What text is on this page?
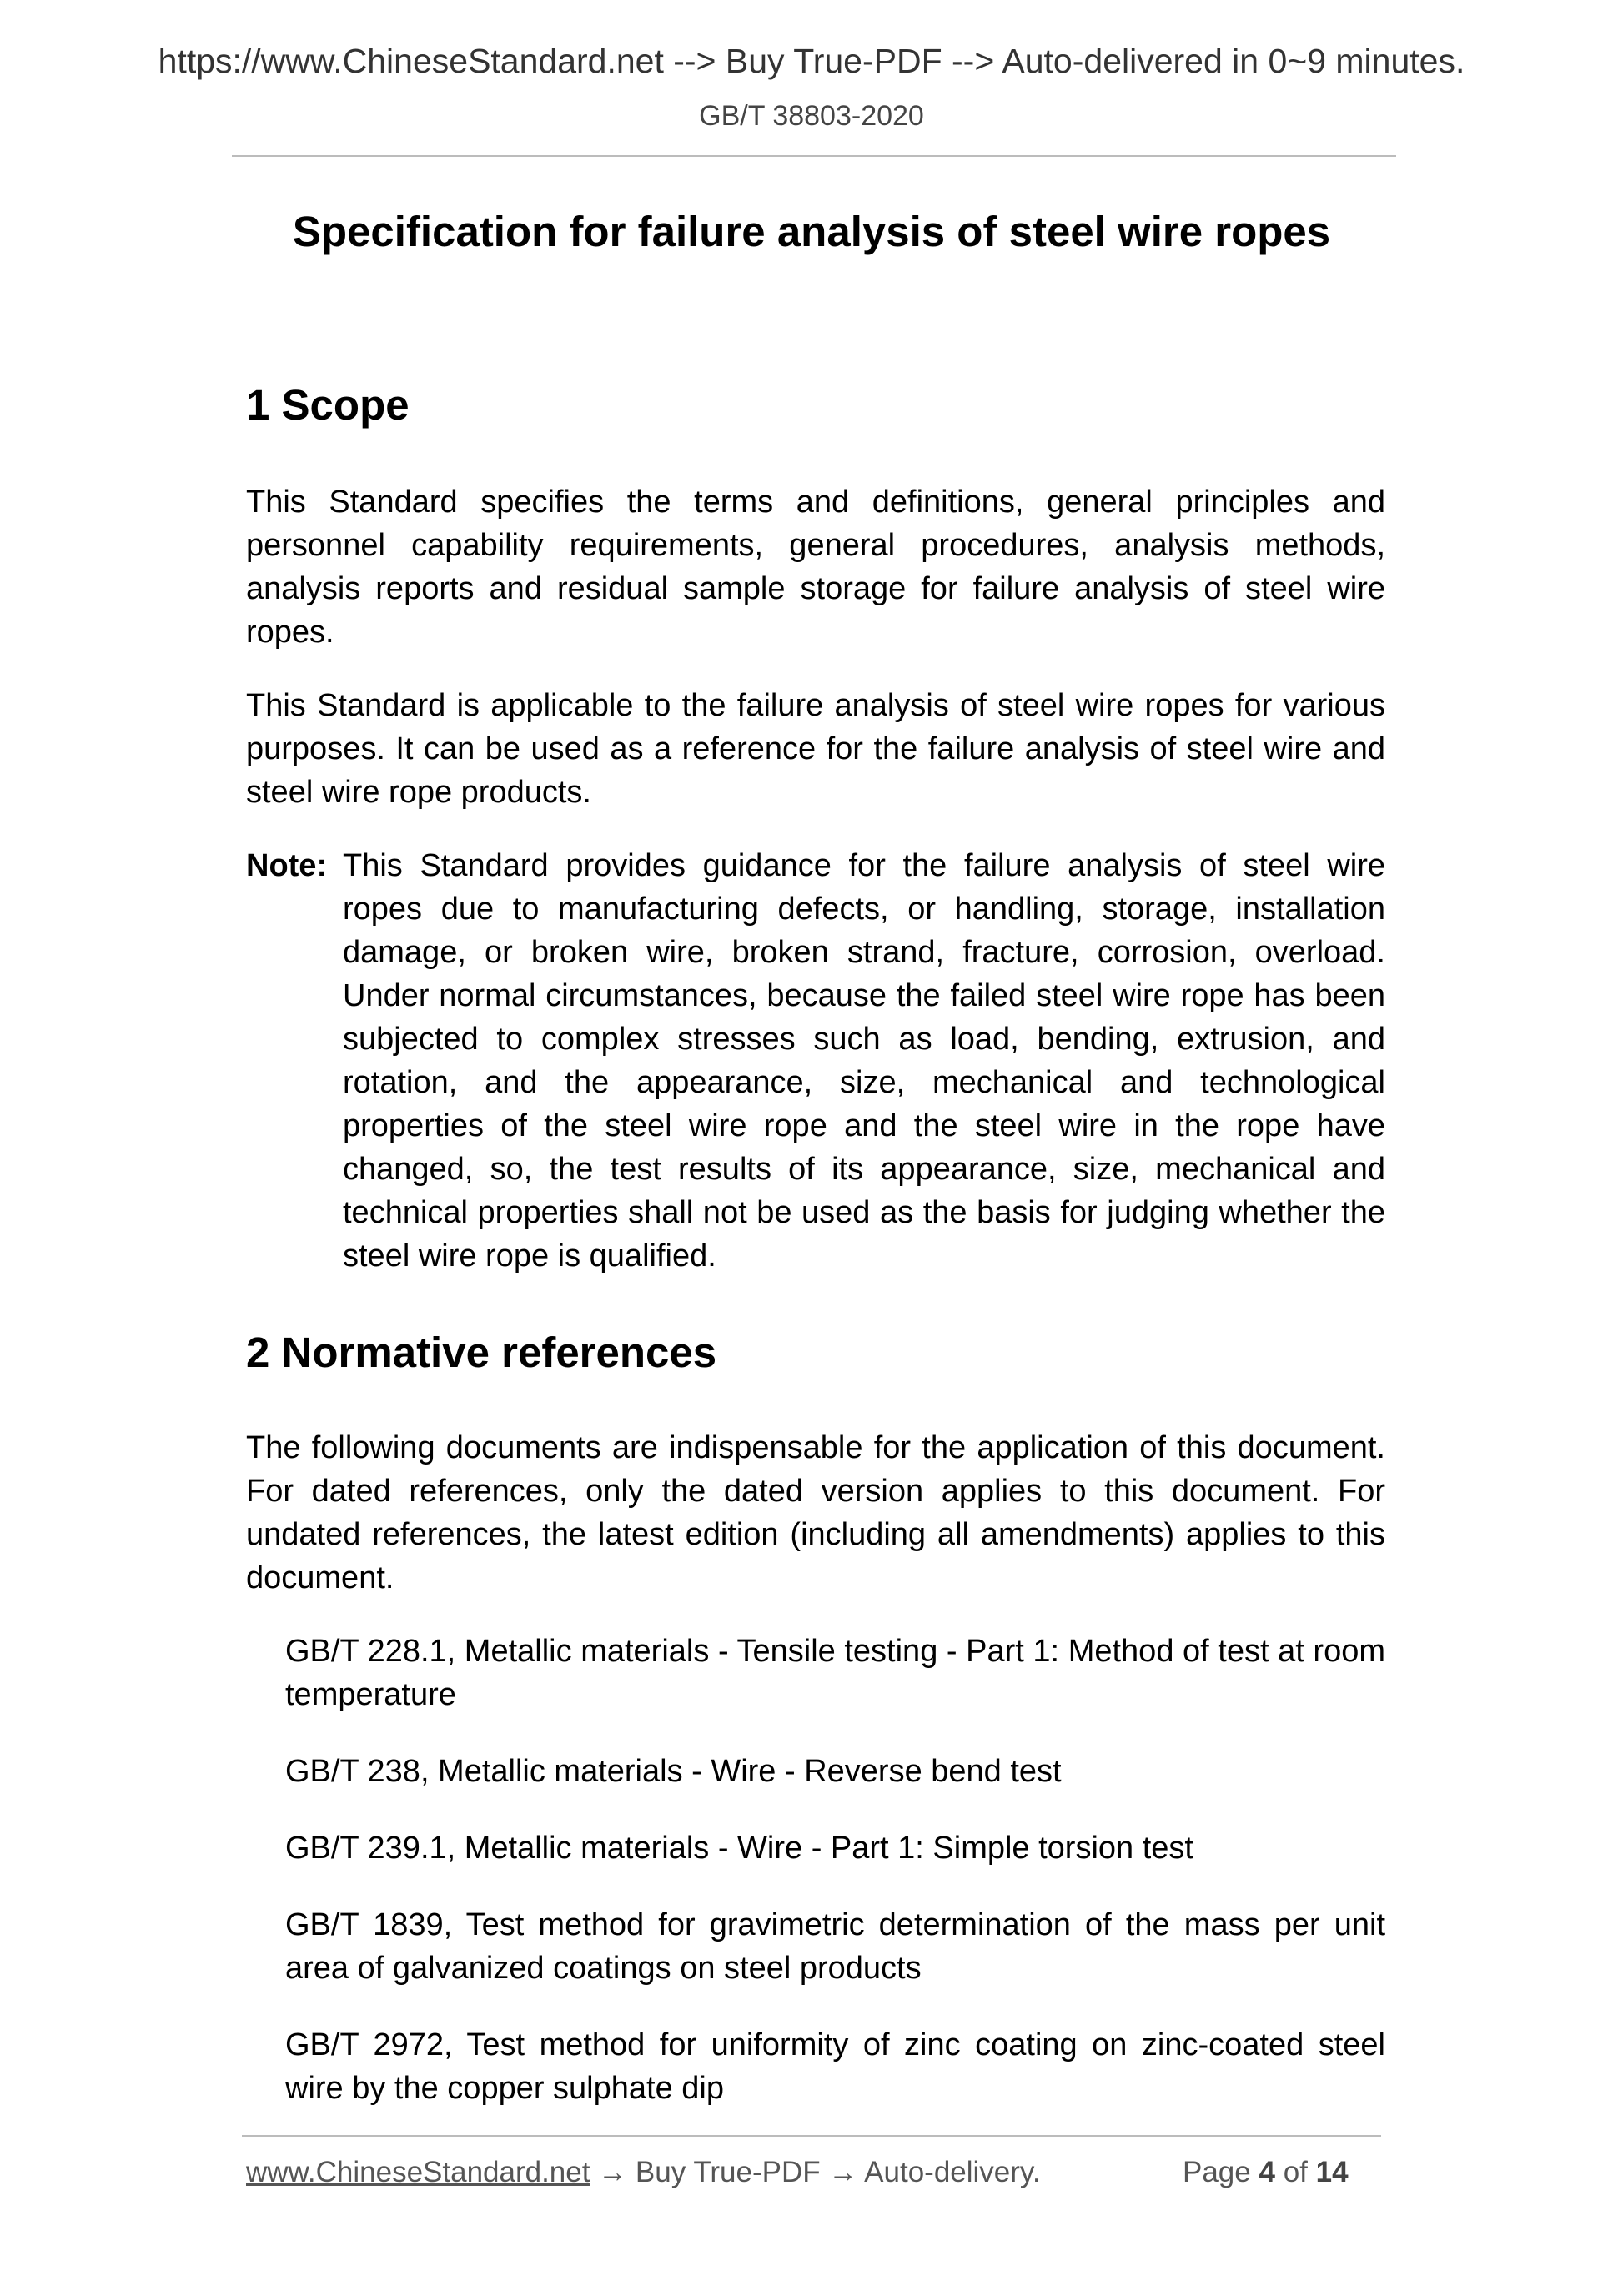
https://www.ChineseStandard.net --> Buy True-PDF --> Auto-delivered in 0~9 minutes.
GB/T 38803-2020
Specification for failure analysis of steel wire ropes
1 Scope
This Standard specifies the terms and definitions, general principles and personnel capability requirements, general procedures, analysis methods, analysis reports and residual sample storage for failure analysis of steel wire ropes.
This Standard is applicable to the failure analysis of steel wire ropes for various purposes. It can be used as a reference for the failure analysis of steel wire and steel wire rope products.
Note: This Standard provides guidance for the failure analysis of steel wire ropes due to manufacturing defects, or handling, storage, installation damage, or broken wire, broken strand, fracture, corrosion, overload. Under normal circumstances, because the failed steel wire rope has been subjected to complex stresses such as load, bending, extrusion, and rotation, and the appearance, size, mechanical and technological properties of the steel wire rope and the steel wire in the rope have changed, so, the test results of its appearance, size, mechanical and technical properties shall not be used as the basis for judging whether the steel wire rope is qualified.
2 Normative references
The following documents are indispensable for the application of this document. For dated references, only the dated version applies to this document. For undated references, the latest edition (including all amendments) applies to this document.
GB/T 228.1, Metallic materials - Tensile testing - Part 1: Method of test at room temperature
GB/T 238, Metallic materials - Wire - Reverse bend test
GB/T 239.1, Metallic materials - Wire - Part 1: Simple torsion test
GB/T 1839, Test method for gravimetric determination of the mass per unit area of galvanized coatings on steel products
GB/T 2972, Test method for uniformity of zinc coating on zinc-coated steel wire by the copper sulphate dip
www.ChineseStandard.net → Buy True-PDF → Auto-delivery.	Page 4 of 14
